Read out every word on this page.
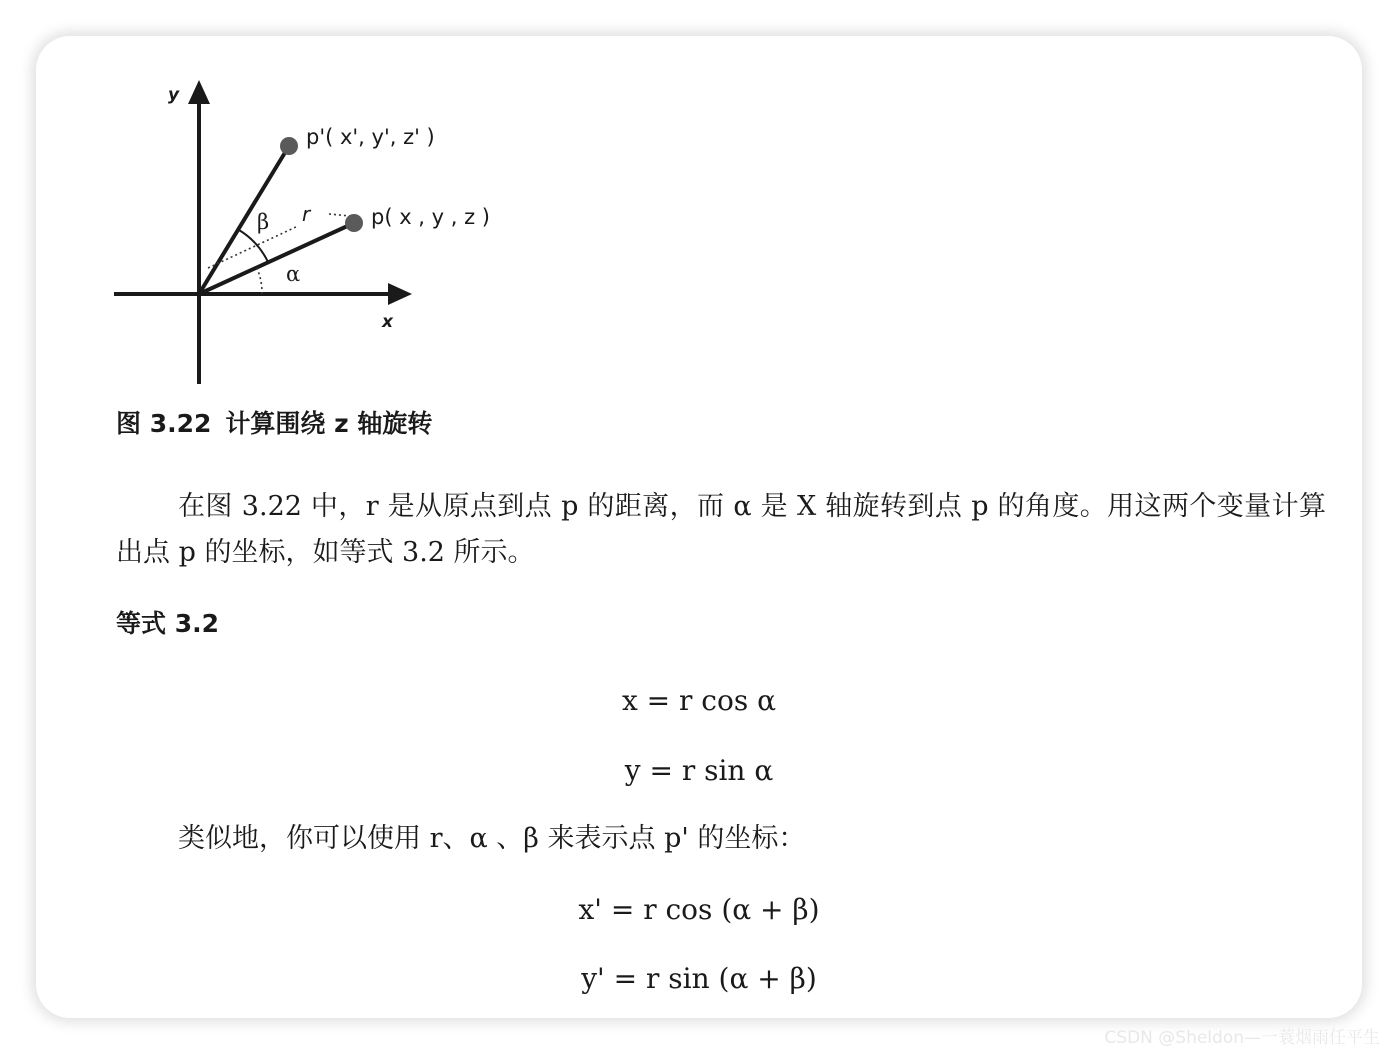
y
x
p'( x', y', z' )
p( x , y , z )
β r
α
图 3.22 计算围绕 z 轴旋转
在图 3.22 中，r 是从原点到点 p 的距离，而 α 是 X 轴旋转到点 p 的角度。用这两个变量计算出点 p 的坐标，如等式 3.2 所示。
等式 3.2
x = r cos α
y = r sin α
类似地，你可以使用 r、α 、β 来表示点 p' 的坐标：
x' = r cos (α + β)
y' = r sin (α + β)
CSDN @Sheldon—一蓑烟雨任平生
